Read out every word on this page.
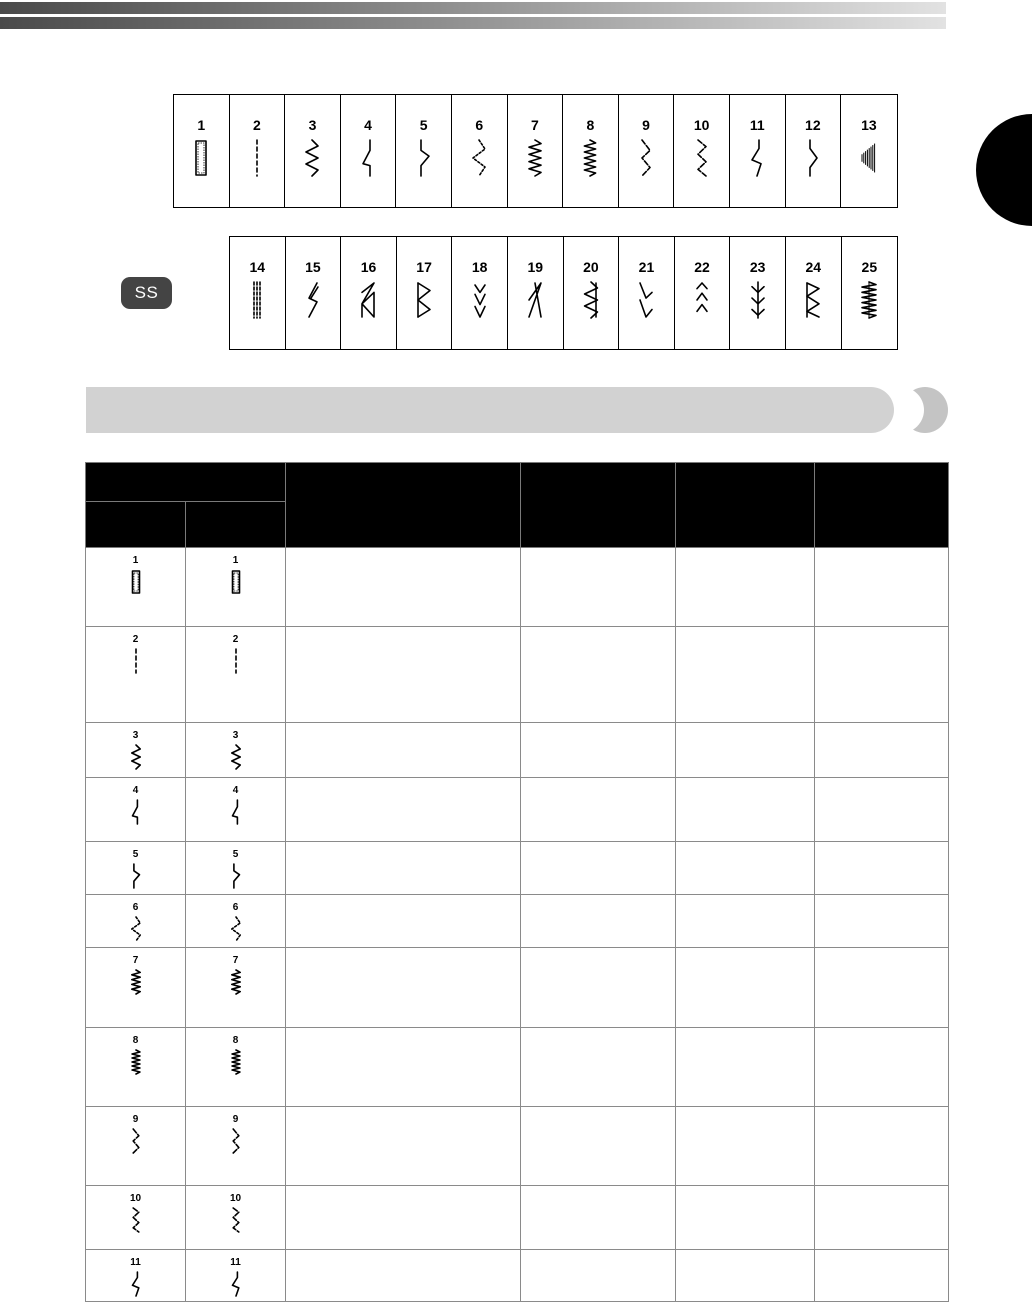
1	2	3	4	5	6	7	8	9	10	11	12	13
14	15	16	17	18	19	20	21	22	23	24	25
SS

1	1				

2	2				

3	3				

4	4				

5	5				

6	6				

7	7				

8	8				

9	9				

10	10				

11	11				
